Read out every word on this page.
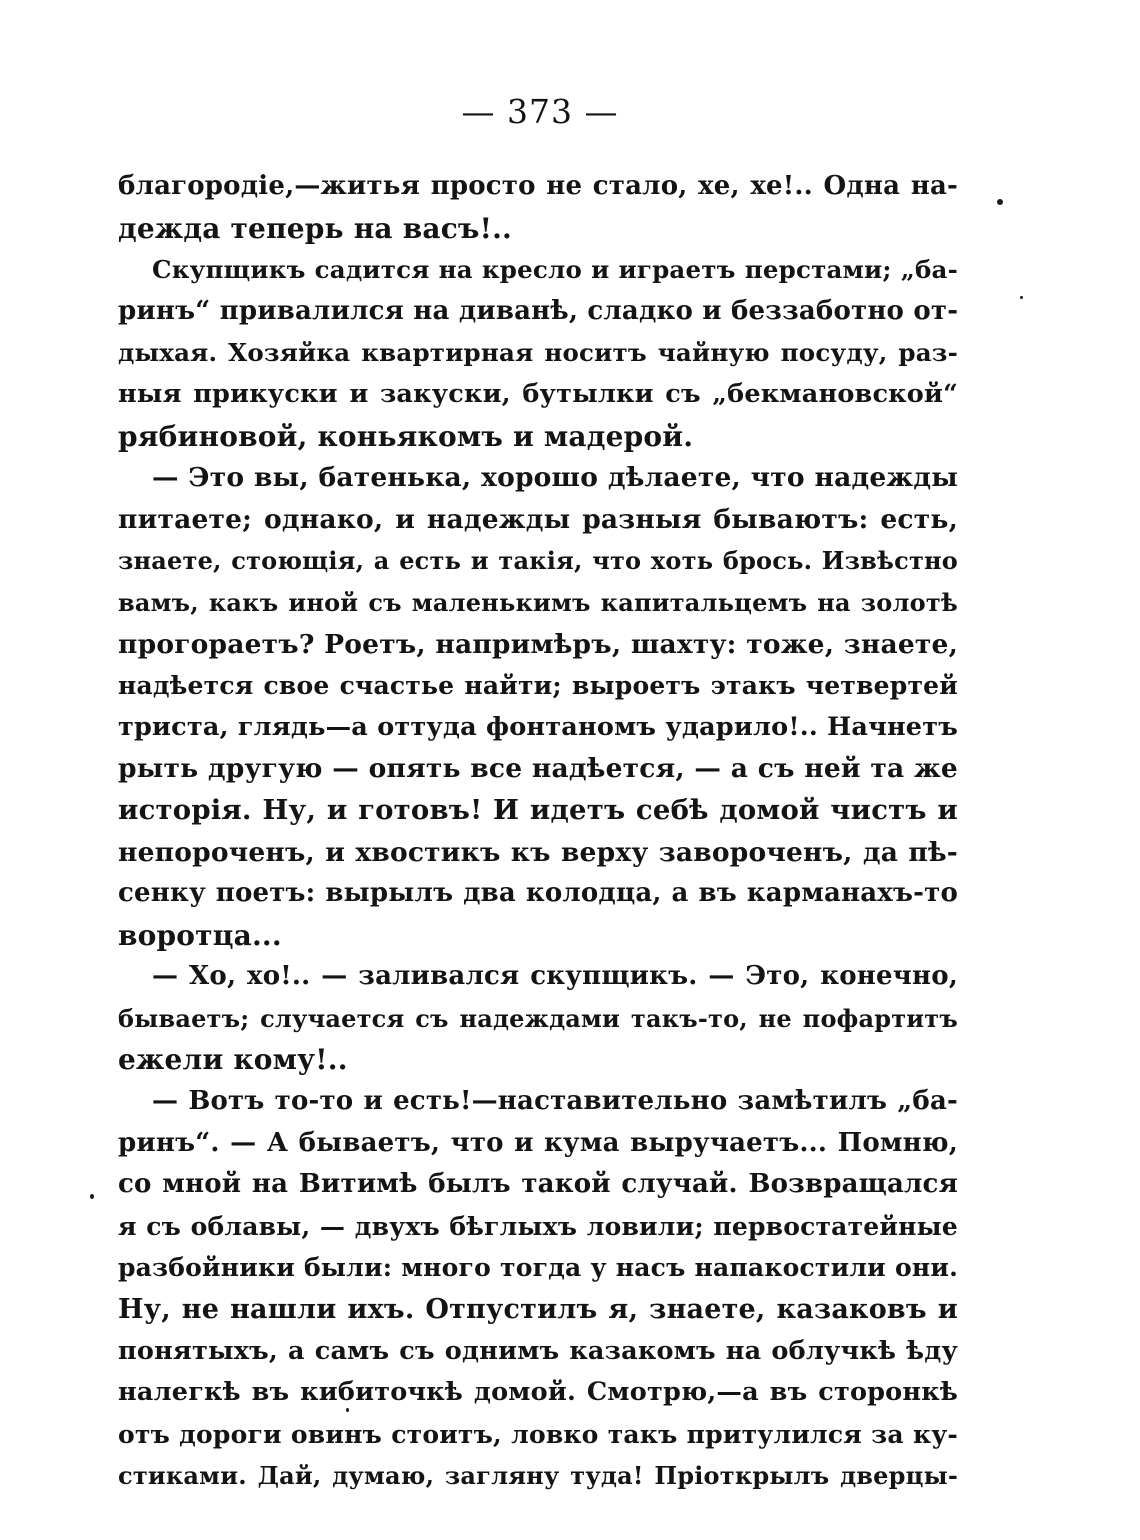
— 373 —
благородіе,—житья просто не стало, хе, хе!.. Одна на-
дежда теперь на васъ!..
Скупщикъ садится на кресло и играетъ перстами; „ба-
ринъ“ привалился на диванѣ, сладко и беззаботно от-
дыхая. Хозяйка квартирная носитъ чайную посуду, раз-
ныя прикуски и закуски, бутылки съ „бекмановской“
рябиновой, коньякомъ и мадерой.
— Это вы, батенька, хорошо дѣлаете, что надежды
питаете; однако, и надежды разныя бываютъ: есть,
знаете, стоющія, а есть и такія, что хоть брось. Извѣстно
вамъ, какъ иной съ маленькимъ капитальцемъ на золотѣ
прогораетъ? Роетъ, напримѣръ, шахту: тоже, знаете,
надѣется свое счастье найти; выроетъ этакъ четвертей
триста, глядь—а оттуда фонтаномъ ударило!.. Начнетъ
рыть другую — опять все надѣется, — а съ ней та же
исторія. Ну, и готовъ! И идетъ себѣ домой чистъ и
непороченъ, и хвостикъ къ верху завороченъ, да пѣ-
сенку поетъ: вырылъ два колодца, а въ карманахъ-то
воротца...
— Хо, хо!.. — заливался скупщикъ. — Это, конечно,
бываетъ; случается съ надеждами такъ-то, не пофартитъ
ежели кому!..
— Вотъ то-то и есть!—наставительно замѣтилъ „ба-
ринъ“. — А бываетъ, что и кума выручаетъ... Помню,
со мной на Витимѣ былъ такой случай. Возвращался
я съ облавы, — двухъ бѣглыхъ ловили; первостатейные
разбойники были: много тогда у насъ напакостили они.
Ну, не нашли ихъ. Отпустилъ я, знаете, казаковъ и
понятыхъ, а самъ съ однимъ казакомъ на облучкѣ ѣду
налегкѣ въ кибиточкѣ домой. Смотрю,—а въ сторонкѣ
отъ дороги овинъ стоитъ, ловко такъ притулился за ку-
стиками. Дай, думаю, загляну туда! Пріоткрылъ дверцы-
